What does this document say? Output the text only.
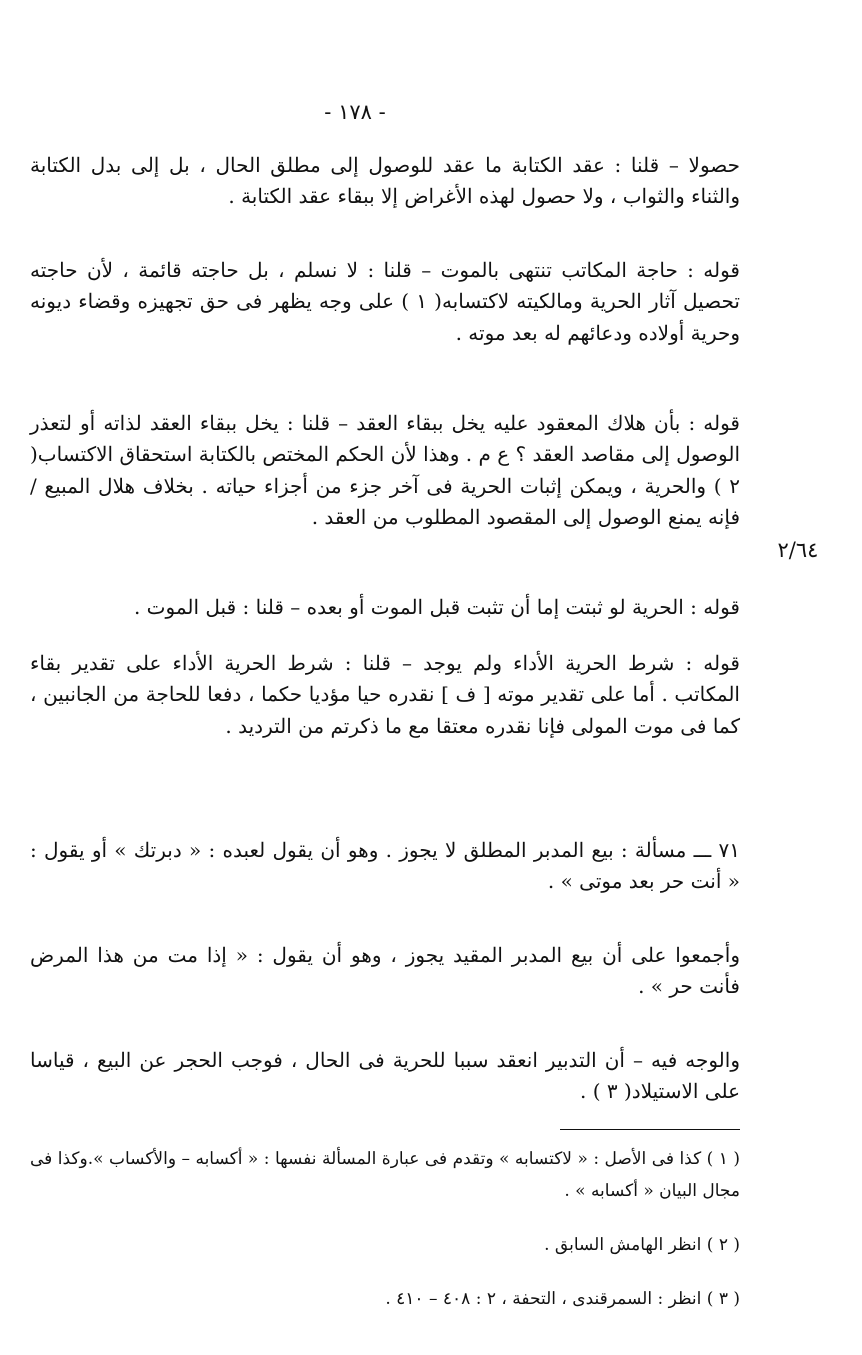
- ١٧٨ -

حصولا – قلنا : عقد الكتابة ما عقد للوصول إلى مطلق الحال ، بل إلى بدل الكتابة والثناء والثواب ، ولا حصول لهذه الأغراض إلا ببقاء عقد الكتابة .

قوله : حاجة المكاتب تنتهى بالموت – قلنا : لا نسلم ، بل حاجته قائمة ، لأن حاجته تحصيل آثار الحرية ومالكيته لاكتسابه( ١ ) على وجه يظهر فى حق تجهيزه وقضاء ديونه وحرية أولاده ودعائهم له بعد موته .

قوله : بأن هلاك المعقود عليه يخل ببقاء العقد – قلنا : يخل ببقاء العقد لذاته أو لتعذر الوصول إلى مقاصد العقد ؟ ع م . وهذا لأن الحكم المختص بالكتابة استحقاق الاكتساب( ٢ ) والحرية ، ويمكن إثبات الحرية فى آخر جزء من أجزاء حياته . بخلاف هلال المبيع / فإنه يمنع الوصول إلى المقصود المطلوب من العقد .

٢/٦٤

قوله : الحرية لو ثبتت إما أن تثبت قبل الموت أو بعده – قلنا : قبل الموت .

قوله : شرط الحرية الأداء ولم يوجد – قلنا : شرط الحرية الأداء على تقدير بقاء المكاتب . أما على تقدير موته [ ف ] نقدره حيا مؤديا حكما ، دفعا للحاجة من الجانبين ، كما فى موت المولى فإنا نقدره معتقا مع ما ذكرتم من الترديد .

٧١ ـــ مسألة : بيع المدبر المطلق لا يجوز . وهو أن يقول لعبده : « دبرتك » أو يقول : « أنت حر بعد موتى » .

وأجمعوا على أن بيع المدبر المقيد يجوز ، وهو أن يقول : « إذا مت من هذا المرض فأنت حر » .

والوجه فيه – أن التدبير انعقد سببا للحرية فى الحال ، فوجب الحجر عن البيع ، قياسا على الاستيلاد( ٣ ) .

( ١ ) كذا فى الأصل : « لاكتسابه » وتقدم فى عبارة المسألة نفسها : « أكسابه – والأكساب ».وكذا فى مجال البيان « أكسابه » .

( ٢ ) انظر الهامش السابق .

( ٣ ) انظر : السمرقندى ، التحفة ، ٢ : ٤٠٨ – ٤١٠ .
